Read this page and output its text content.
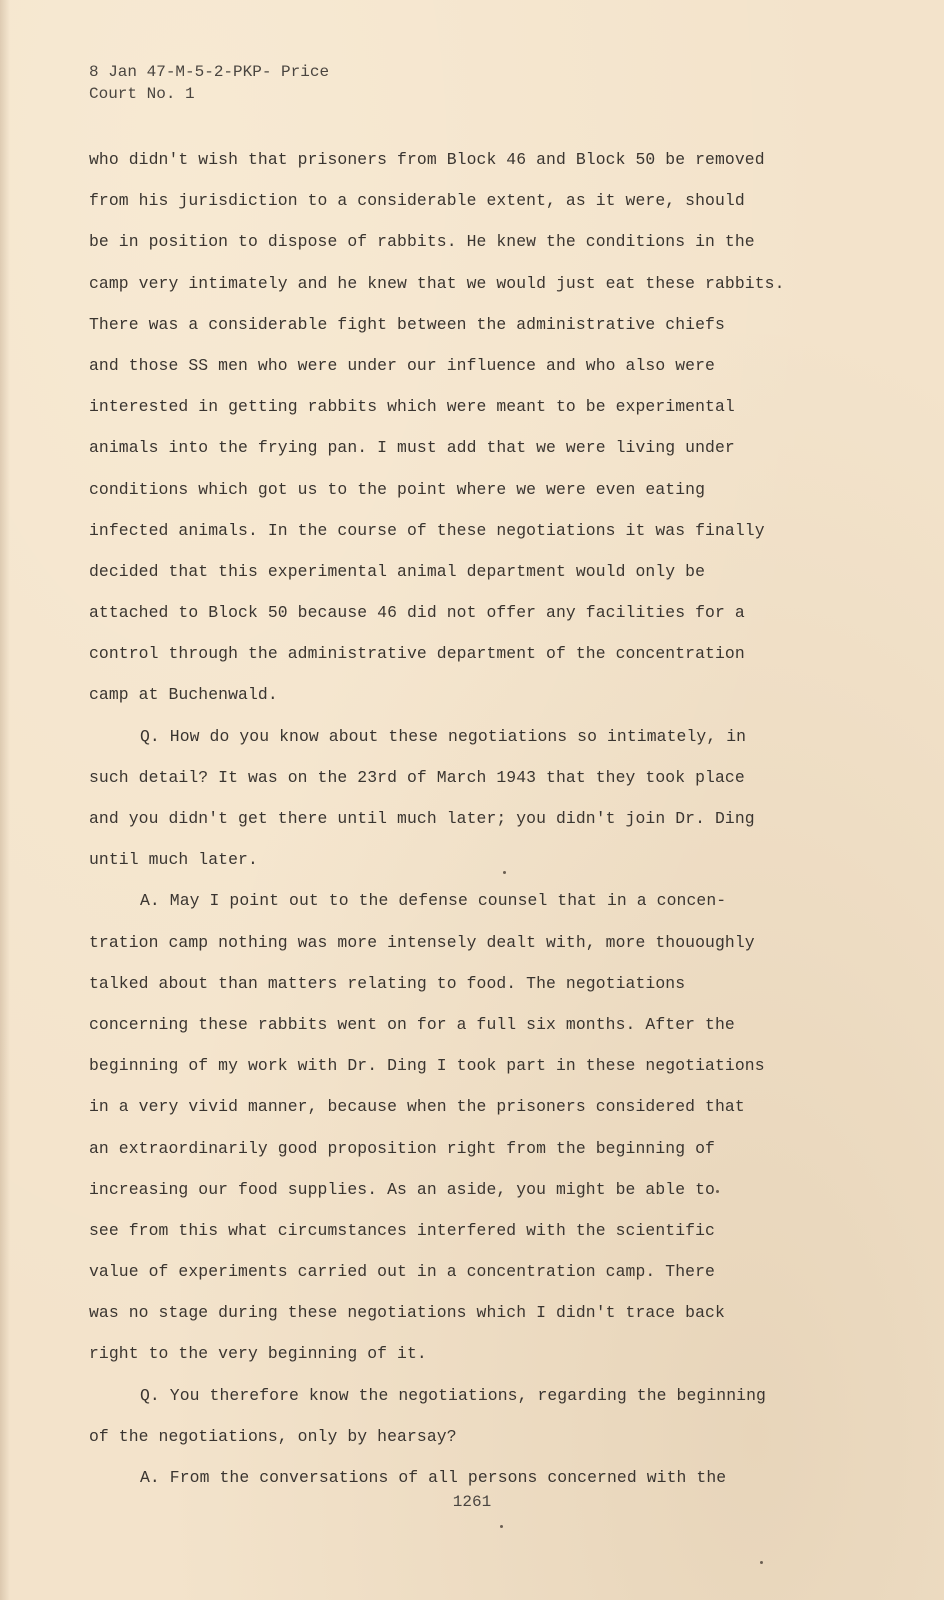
8 Jan 47-M-5-2-PKP- Price
Court No. 1
who didn't wish that prisoners from Block 46 and Block 50 be removed
from his jurisdiction to a considerable extent, as it were, should
be in position to dispose of rabbits. He knew the conditions in the
camp very intimately and he knew that we would just eat these rabbits.
There was a considerable fight between the administrative chiefs
and those SS men who were under our influence and who also were
interested in getting rabbits which were meant to be experimental
animals into the frying pan. I must add that we were living under
conditions which got us to the point where we were even eating
infected animals. In the course of these negotiations it was finally
decided that this experimental animal department would only be
attached to Block 50 because 46 did not offer any facilities for a
control through the administrative department of the concentration
camp at Buchenwald.
Q. How do you know about these negotiations so intimately, in
such detail? It was on the 23rd of March 1943 that they took place
and you didn't get there until much later; you didn't join Dr. Ding
until much later.
A. May I point out to the defense counsel that in a concen-
tration camp nothing was more intensely dealt with, more thououghly
talked about than matters relating to food. The negotiations
concerning these rabbits went on for a full six months. After the
beginning of my work with Dr. Ding I took part in these negotiations
in a very vivid manner, because when the prisoners considered that
an extraordinarily good proposition right from the beginning of
increasing our food supplies. As an aside, you might be able to
see from this what circumstances interfered with the scientific
value of experiments carried out in a concentration camp. There
was no stage during these negotiations which I didn't trace back
right to the very beginning of it.
Q. You therefore know the negotiations, regarding the beginning
of the negotiations, only by hearsay?
A. From the conversations of all persons concerned with the
1261
